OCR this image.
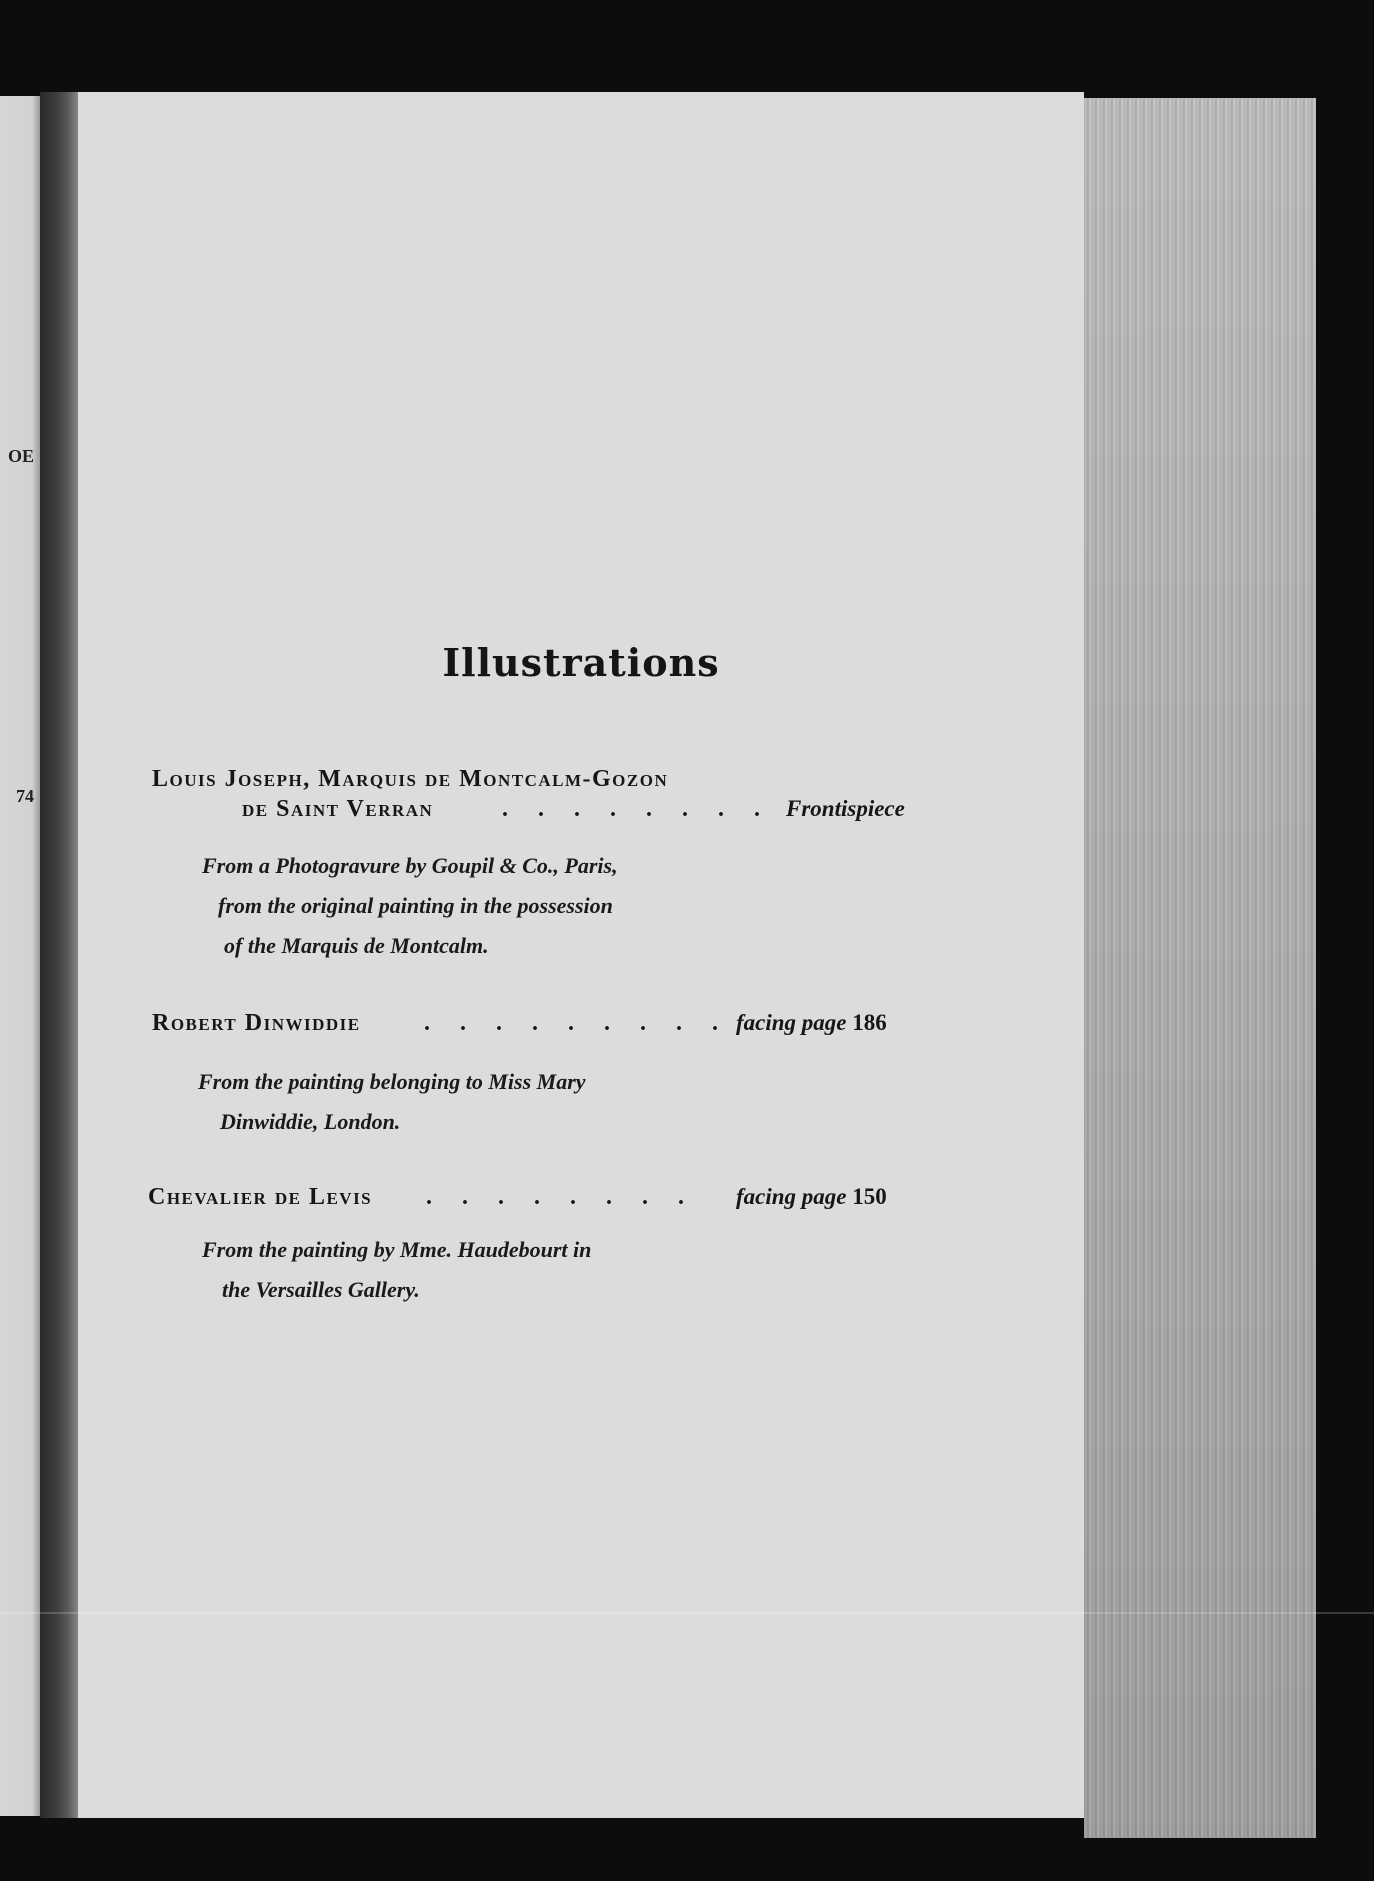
OE
74
Illustrations
Louis Joseph, Marquis de Montcalm-Gozon
de Saint Verran	. . . . . . . . Frontispiece
From a Photogravure by Goupil & Co., Paris,
from the original painting in the possession
of the Marquis de Montcalm.
Robert Dinwiddie	. . . . . . . . . .
facing page 186
From the painting belonging to Miss Mary
Dinwiddie, London.
Chevalier de Levis . . . . . . . . facing page 150
From the painting by Mme. Haudebourt in
the Versailles Gallery.
